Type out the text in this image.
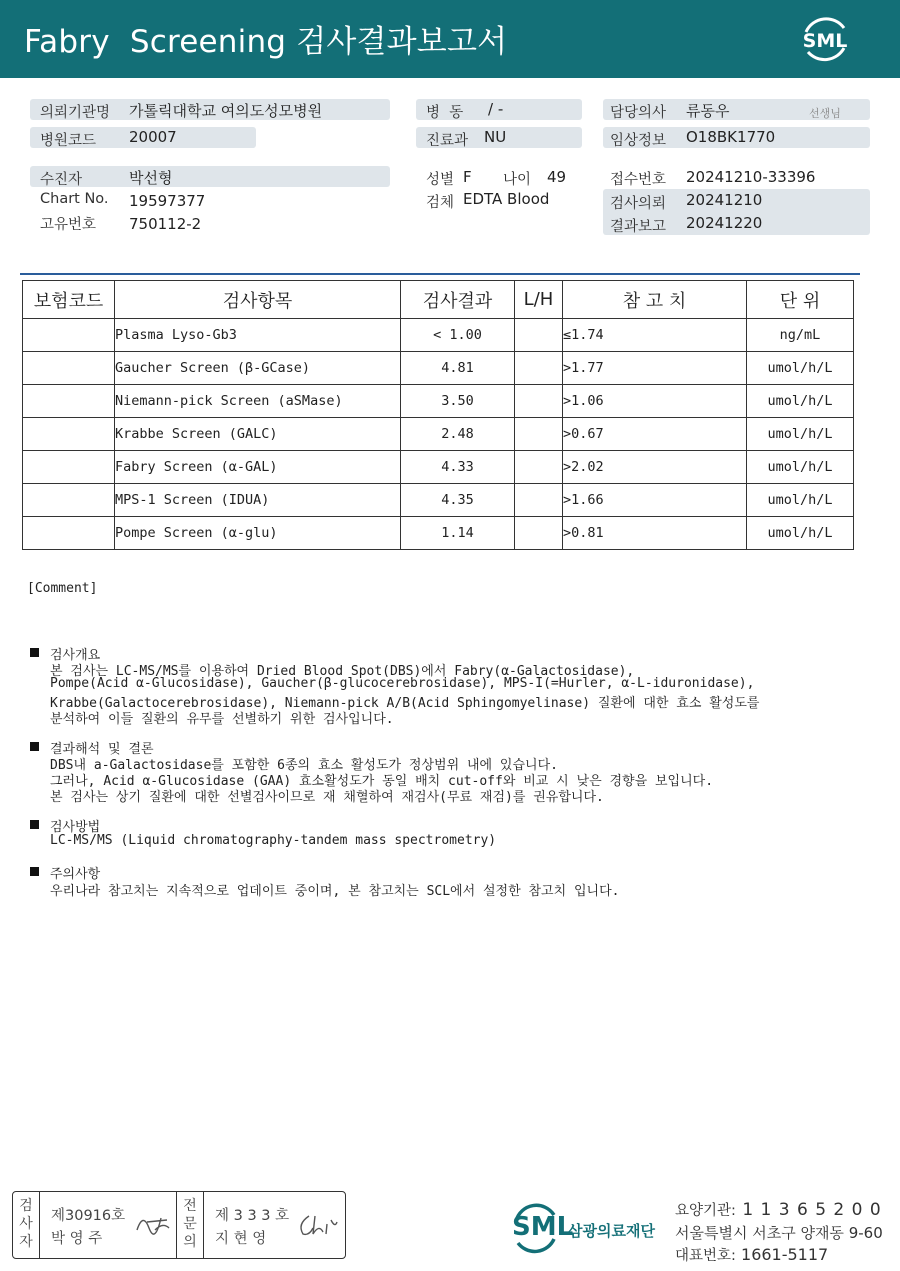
Fabry  Screening 검사결과보고서	SML
의뢰기관명 가톨릭대학교 여의도성모병원
병원코드 20007
병  동 / -
진료과 NU
담당의사 류동우	선생님
임상정보 O18BK1770
수진자	박선형
Chart No. 19597377
고유번호 750112-2
성별 F 나이 49
검체 EDTA Blood
접수번호 20241210-33396
검사의뢰 20241210
결과보고 20241220
보험코드	검사항목	검사결과	L/H	참 고 치	단 위
	Plasma Lyso-Gb3	< 1.00		≤1.74	ng/mL
	Gaucher Screen (β-GCase)	4.81		>1.77	umol/h/L
	Niemann-pick Screen (aSMase)	3.50		>1.06	umol/h/L
	Krabbe Screen (GALC)	2.48		>0.67	umol/h/L
	Fabry Screen (α-GAL)	4.33		>2.02	umol/h/L
	MPS-1 Screen (IDUA)	4.35		>1.66	umol/h/L
	Pompe Screen (α-glu)	1.14		>0.81	umol/h/L
[Comment]
검사개요
본 검사는 LC-MS/MS를 이용하여 Dried Blood Spot(DBS)에서 Fabry(α-Galactosidase),
Pompe(Acid α-Glucosidase), Gaucher(β-glucocerebrosidase), MPS-I(=Hurler, α-L-iduronidase),
Krabbe(Galactocerebrosidase), Niemann-pick A/B(Acid Sphingomyelinase) 질환에 대한 효소 활성도를
분석하여 이들 질환의 유무를 선별하기 위한 검사입니다.
결과해석 및 결론
DBS내 a-Galactosidase를 포함한 6종의 효소 활성도가 정상범위 내에 있습니다.
그러나, Acid α-Glucosidase (GAA) 효소활성도가 동일 배치 cut-off와 비교 시 낮은 경향을 보입니다.
본 검사는 상기 질환에 대한 선별검사이므로 재 채혈하여 재검사(무료 재검)를 권유합니다.
검사방법
LC-MS/MS (Liquid chromatography-tandem mass spectrometry)
주의사항
우리나라 참고치는 지속적으로 업데이트 중이며, 본 참고치는 SCL에서 설정한 참고치 입니다.
검
사
자
제30916호
박 영 주
전
문
의
제 3 3 3 호
지 현 영	SML
삼광의료재단
요양기관: 1 1 3 6 5 2 0 0
서울특별시 서초구 양재동 9-60
대표번호: 1661-5117
